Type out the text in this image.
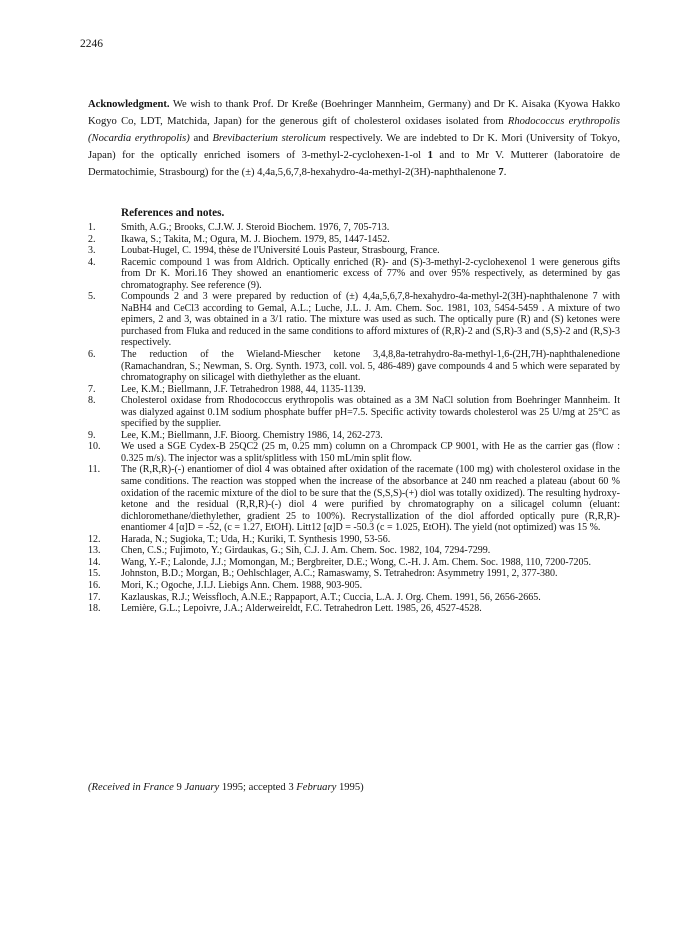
2246

Acknowledgment. We wish to thank Prof. Dr Kreße (Boehringer Mannheim, Germany) and Dr K. Aisaka (Kyowa Hakko Kogyo Co, LDT, Matchida, Japan) for the generous gift of cholesterol oxidases isolated from Rhodococcus erythropolis (Nocardia erythropolis) and Brevibacterium sterolicum respectively. We are indebted to Dr K. Mori (University of Tokyo, Japan) for the optically enriched isomers of 3-methyl-2-cyclohexen-1-ol 1 and to Mr V. Mutterer (laboratoire de Dermatochimie, Strasbourg) for the (±) 4,4a,5,6,7,8-hexahydro-4a-methyl-2(3H)-naphthalenone 7.

References and notes.
1.	Smith, A.G.; Brooks, C.J.W. J. Steroid Biochem. 1976, 7, 705-713.
2.	Ikawa, S.; Takita, M.; Ogura, M. J. Biochem. 1979, 85, 1447-1452.
3.	Loubat-Hugel, C. 1994, thèse de l'Université Louis Pasteur, Strasbourg, France.
4.	Racemic compound 1 was from Aldrich. Optically enriched (R)- and (S)-3-methyl-2-cyclohexenol 1 were generous gifts from Dr K. Mori.16 They showed an enantiomeric excess of 77% and over 95% respectively, as determined by gas chromatography. See reference (9).
5.	Compounds 2 and 3 were prepared by reduction of (±) 4,4a,5,6,7,8-hexahydro-4a-methyl-2(3H)-naphthalenone 7 with NaBH4 and CeCl3 according to Gemal, A.L.; Luche, J.L. J. Am. Chem. Soc. 1981, 103, 5454-5459 . A mixture of two epimers, 2 and 3, was obtained in a 3/1 ratio. The mixture was used as such. The optically pure (R) and (S) ketones were purchased from Fluka and reduced in the same conditions to afford mixtures of (R,R)-2 and (S,R)-3 and (S,S)-2 and (R,S)-3 respectively.
6.	The reduction of the Wieland-Miescher ketone 3,4,8,8a-tetrahydro-8a-methyl-1,6-(2H,7H)-naphthalenedione (Ramachandran, S.; Newman, S. Org. Synth. 1973, coll. vol. 5, 486-489) gave compounds 4 and 5 which were separated by chromatography on silicagel with diethylether as the eluant.
7.	Lee, K.M.; Biellmann, J.F. Tetrahedron 1988, 44, 1135-1139.
8.	Cholesterol oxidase from Rhodococcus erythropolis was obtained as a 3M NaCl solution from Boehringer Mannheim. It was dialyzed against 0.1M sodium phosphate buffer pH=7.5. Specific activity towards cholesterol was 25 U/mg at 25°C as specified by the supplier.
9.	Lee, K.M.; Biellmann, J.F. Bioorg. Chemistry 1986, 14, 262-273.
10.	We used a SGE Cydex-B 25QC2 (25 m, 0.25 mm) column on a Chrompack CP 9001, with He as the carrier gas (flow : 0.325 m/s). The injector was a split/splitless with 150 mL/min split flow.
11.	The (R,R,R)-(-) enantiomer of diol 4 was obtained after oxidation of the racemate (100 mg) with cholesterol oxidase in the same conditions. The reaction was stopped when the increase of the absorbance at 240 nm reached a plateau (about 60 % oxidation of the racemic mixture of the diol to be sure that the (S,S,S)-(+) diol was totally oxidized). The resulting hydroxy-ketone and the residual (R,R,R)-(-) diol 4 were purified by chromatography on a silicagel column (eluant: dichloromethane/diethylether, gradient 25 to 100%). Recrystallization of the diol afforded optically pure (R,R,R)-enantiomer 4 [α]D = -52, (c = 1.27, EtOH). Litt12 [α]D = -50.3 (c = 1.025, EtOH). The yield (not optimized) was 15 %.
12.	Harada, N.; Sugioka, T.; Uda, H.; Kuriki, T. Synthesis 1990, 53-56.
13.	Chen, C.S.; Fujimoto, Y.; Girdaukas, G.; Sih, C.J. J. Am. Chem. Soc. 1982, 104, 7294-7299.
14.	Wang, Y.-F.; Lalonde, J.J.; Momongan, M.; Bergbreiter, D.E.; Wong, C.-H. J. Am. Chem. Soc. 1988, 110, 7200-7205.
15.	Johnston, B.D.; Morgan, B.; Oehlschlager, A.C.; Ramaswamy, S. Tetrahedron: Asymmetry 1991, 2, 377-380.
16.	Mori, K.; Ogoche, J.I.J. Liebigs Ann. Chem. 1988, 903-905.
17.	Kazlauskas, R.J.; Weissfloch, A.N.E.; Rappaport, A.T.; Cuccia, L.A. J. Org. Chem. 1991, 56, 2656-2665.
18.	Lemière, G.L.; Lepoivre, J.A.; Alderweireldt, F.C. Tetrahedron Lett. 1985, 26, 4527-4528.
(Received in France 9 January 1995; accepted 3 February 1995)
